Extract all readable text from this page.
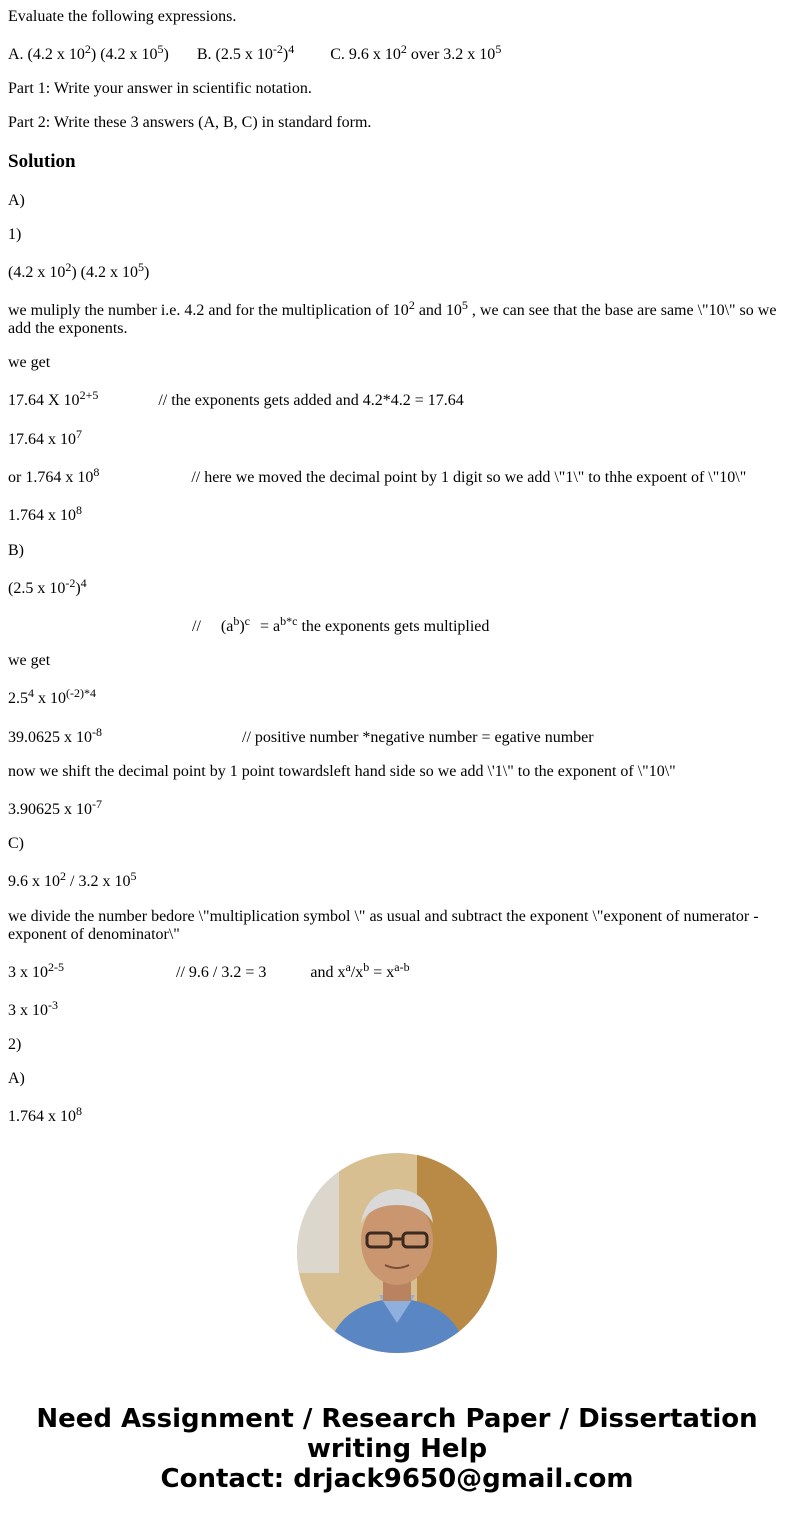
Evaluate the following expressions.
A. (4.2 x $10^2$) (4.2 x $10^5$) B. (2.5 x $10^{-2})^4$ C. 9.6 x $10^2$ over 3.2 x $10^5$
Part 1: Write your answer in scientific notation.
Part 2: Write these 3 answers (A, B, C) in standard form.
Solution
A)
1)
(4.2 x $10^2$) (4.2 x $10^5$)
we muliply the number i.e. 4.2 and for the multiplication of $10^2$ and $10^5$ , we can see that the base are same \"10\" so we add the exponents.
we get
17.64 X $10^{2+5}$	// the exponents gets added and 4.2*4.2 = 17.64
17.64 x $10^7$
or 1.764 x $10^8$	// here we moved the decimal point by 1 digit so we add \"1\" to thhe expoent of \"10\"
1.764 x $10^8$
B)
(2.5 x $10^{-2})^4$
// $(a^b)^c = a^{b*c}$ the exponents gets multiplied
we get
$2.5^4$ x $10^{(-2)*4}$
39.0625 x $10^{-8}$	// positive number *negative number = egative number
now we shift the decimal point by 1 point towardsleft hand side so we add \'1\" to the exponent of \"10\"
3.90625 x $10^{-7}$
C)
9.6 x $10^2 / 3.2$ x $10^5$
we divide the number bedore \"multiplication symbol \" as usual and subtract the exponent \"exponent of numerator - exponent of denominator\"
3 x 10$^{2-5}$	// 9.6 / 3.2 = 3	and $x^a/x^b = x^{a-b}$
3 x $10^{-3}$
2)
A)
1.764 x $10^8$
Need Assignment / Research Paper / Dissertation
writing Help
Contact: drjack9650@gmail.com
